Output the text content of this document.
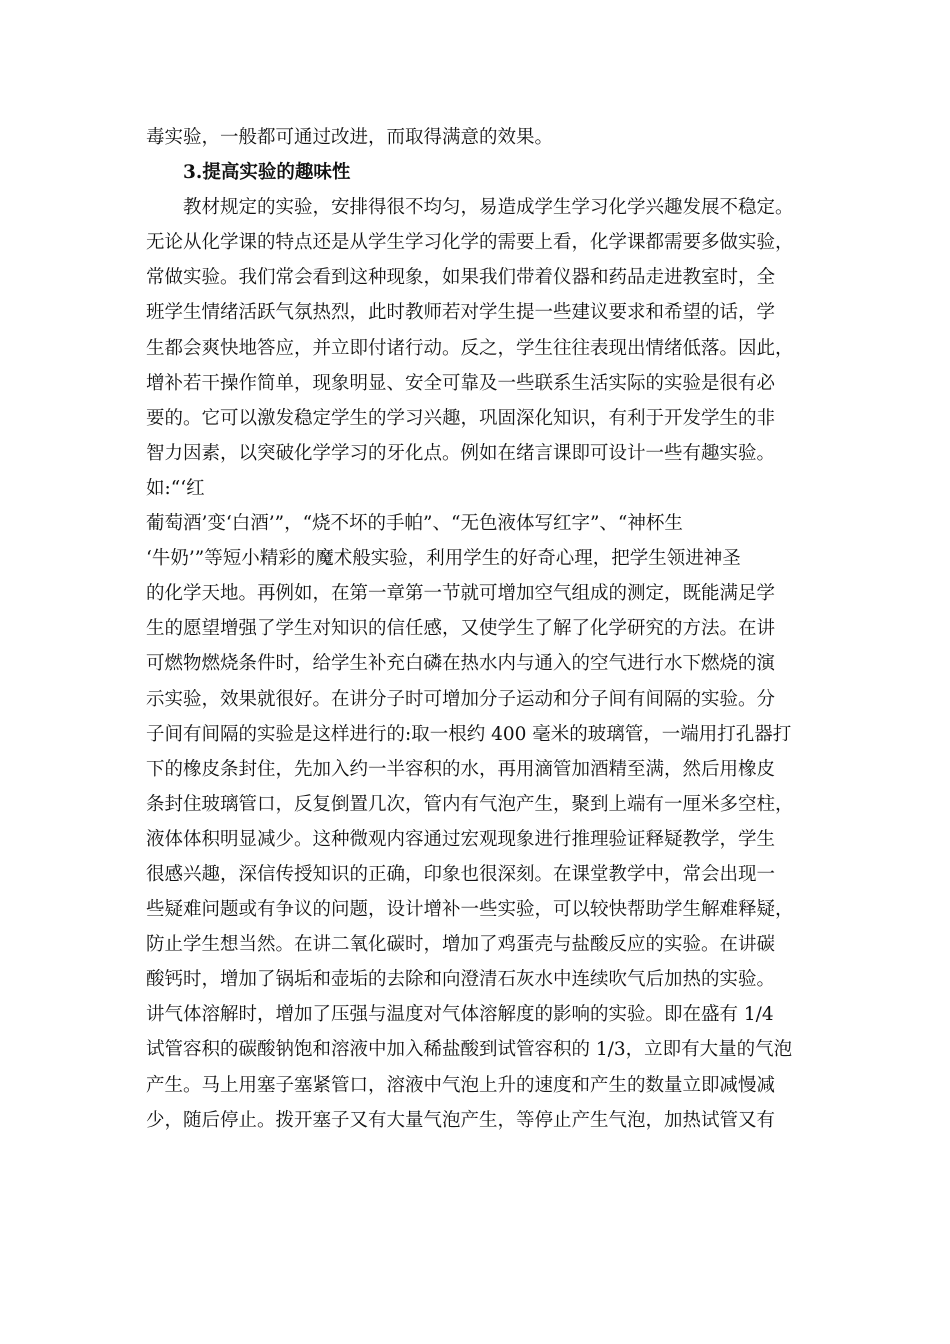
毒实验，一般都可通过改进，而取得满意的效果。
3.提高实验的趣味性
教材规定的实验，安排得很不均匀，易造成学生学习化学兴趣发展不稳定。
无论从化学课的特点还是从学生学习化学的需要上看，化学课都需要多做实验，
常做实验。我们常会看到这种现象，如果我们带着仪器和药品走进教室时，全
班学生情绪活跃气氛热烈，此时教师若对学生提一些建议要求和希望的话，学
生都会爽快地答应，并立即付诸行动。反之，学生往往表现出情绪低落。因此，
增补若干操作简单，现象明显、安全可靠及一些联系生活实际的实验是很有必
要的。它可以激发稳定学生的学习兴趣，巩固深化知识，有利于开发学生的非
智力因素，以突破化学学习的牙化点。例如在绪言课即可设计一些有趣实验。
如:“‘红
葡萄酒’变‘白酒’”，“烧不坏的手帕”、“无色液体写红字”、“神杯生
‘牛奶’”等短小精彩的魔术般实验，利用学生的好奇心理，把学生领进神圣
的化学天地。再例如，在第一章第一节就可增加空气组成的测定，既能满足学
生的愿望增强了学生对知识的信任感，又使学生了解了化学研究的方法。在讲
可燃物燃烧条件时，给学生补充白磷在热水内与通入的空气进行水下燃烧的演
示实验，效果就很好。在讲分子时可增加分子运动和分子间有间隔的实验。分
子间有间隔的实验是这样进行的:取一根约 400 毫米的玻璃管，一端用打孔器打
下的橡皮条封住，先加入约一半容积的水，再用滴管加酒精至满，然后用橡皮
条封住玻璃管口，反复倒置几次，管内有气泡产生，聚到上端有一厘米多空柱，
液体体积明显减少。这种微观内容通过宏观现象进行推理验证释疑教学，学生
很感兴趣，深信传授知识的正确，印象也很深刻。在课堂教学中，常会出现一
些疑难问题或有争议的问题，设计增补一些实验，可以较快帮助学生解难释疑，
防止学生想当然。在讲二氧化碳时，增加了鸡蛋壳与盐酸反应的实验。在讲碳
酸钙时，增加了锅垢和壶垢的去除和向澄清石灰水中连续吹气后加热的实验。
讲气体溶解时，增加了压强与温度对气体溶解度的影响的实验。即在盛有 1/4
试管容积的碳酸钠饱和溶液中加入稀盐酸到试管容积的 1/3，立即有大量的气泡
产生。马上用塞子塞紧管口，溶液中气泡上升的速度和产生的数量立即减慢减
少，随后停止。拨开塞子又有大量气泡产生，等停止产生气泡，加热试管又有
